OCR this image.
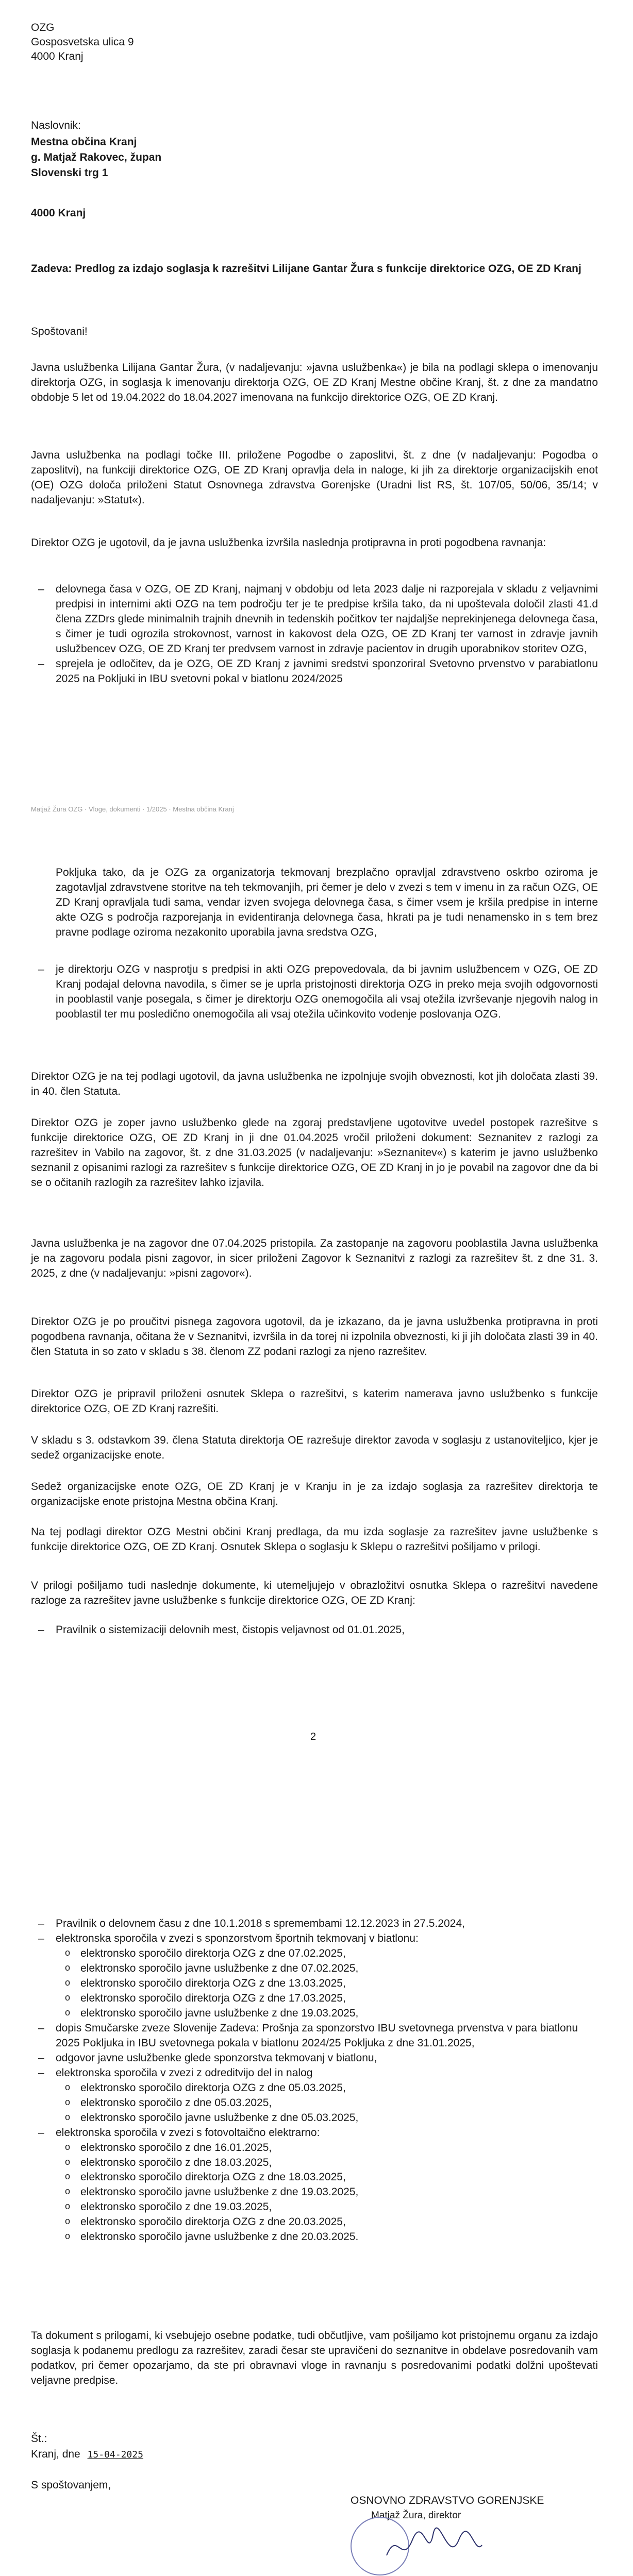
OZG

Gosposvetska ulica 9

4000 Kranj

Naslovnik:

Mestna občina Kranj

g. Matjaž Rakovec, župan

Slovenski trg 1

4000 Kranj

Zadeva: Predlog za izdajo soglasja k razrešitvi Lilijane Gantar Žura s funkcije direktorice OZG, OE ZD Kranj

Spoštovani!

Javna uslužbenka Lilijana Gantar Žura, (v nadaljevanju: »javna uslužbenka«) je bila na podlagi sklepa o imenovanju direktorja OZG, in soglasja k imenovanju direktorja OZG, OE ZD Kranj Mestne občine Kranj, št. z dne za mandatno obdobje 5 let od 19.04.2022 do 18.04.2027 imenovana na funkcijo direktorice OZG, OE ZD Kranj.

Javna uslužbenka na podlagi točke III. priložene Pogodbe o zaposlitvi, št. z dne (v nadaljevanju: Pogodba o zaposlitvi), na funkciji direktorice OZG, OE ZD Kranj opravlja dela in naloge, ki jih za direktorje organizacijskih enot (OE) OZG določa priloženi Statut Osnovnega zdravstva Gorenjske (Uradni list RS, št. 107/05, 50/06, 35/14; v nadaljevanju: »Statut«).

Direktor OZG je ugotovil, da je javna uslužbenka izvršila naslednja protipravna in proti pogodbena ravnanja:

– delovnega časa v OZG, OE ZD Kranj, najmanj v obdobju od leta 2023 dalje ni razporejala v skladu z veljavnimi predpisi in internimi akti OZG na tem področju ter je te predpise kršila tako, da ni upoštevala določil zlasti 41.d člena ZZDrs glede minimalnih trajnih dnevnih in tedenskih počitkov ter najdaljše neprekinjenega delovnega časa, s čimer je tudi ogrozila strokovnost, varnost in kakovost dela OZG, OE ZD Kranj ter varnost in zdravje javnih uslužbencev OZG, OE ZD Kranj ter predvsem varnost in zdravje pacientov in drugih uporabnikov storitev OZG,
– sprejela je odločitev, da je OZG, OE ZD Kranj z javnimi sredstvi sponzoriral Svetovno prvenstvo v parabiatlonu 2025 na Pokljuki in IBU svetovni pokal v biatlonu 2024/2025

Matjaž Žura OZG · Vloge, dokumenti · 1/2025 · Mestna občina Kranj

Pokljuka tako, da je OZG za organizatorja tekmovanj brezplačno opravljal zdravstveno oskrbo oziroma je zagotavljal zdravstvene storitve na teh tekmovanjih, pri čemer je delo v zvezi s tem v imenu in za račun OZG, OE ZD Kranj opravljala tudi sama, vendar izven svojega delovnega časa, s čimer vsem je kršila predpise in interne akte OZG s področja razporejanja in evidentiranja delovnega časa, hkrati pa je tudi nenamensko in s tem brez pravne podlage oziroma nezakonito uporabila javna sredstva OZG,

– je direktorju OZG v nasprotju s predpisi in akti OZG prepovedovala, da bi javnim uslužbencem v OZG, OE ZD Kranj podajal delovna navodila, s čimer se je uprla pristojnosti direktorja OZG in preko meja svojih odgovornosti in pooblastil vanje posegala, s čimer je direktorju OZG onemogočila ali vsaj otežila izvrševanje njegovih nalog in pooblastil ter mu posledično onemogočila ali vsaj otežila učinkovito vodenje poslovanja OZG.

Direktor OZG je na tej podlagi ugotovil, da javna uslužbenka ne izpolnjuje svojih obveznosti, kot jih določata zlasti 39. in 40. člen Statuta.

Direktor OZG je zoper javno uslužbenko glede na zgoraj predstavljene ugotovitve uvedel postopek razrešitve s funkcije direktorice OZG, OE ZD Kranj in ji dne 01.04.2025 vročil priloženi dokument: Seznanitev z razlogi za razrešitev in Vabilo na zagovor, št. z dne 31.03.2025 (v nadaljevanju: »Seznanitev«) s katerim je javno uslužbenko seznanil z opisanimi razlogi za razrešitev s funkcije direktorice OZG, OE ZD Kranj in jo je povabil na zagovor dne da bi se o očitanih razlogih za razrešitev lahko izjavila.

Javna uslužbenka je na zagovor dne 07.04.2025 pristopila. Za zastopanje na zagovoru pooblastila Javna uslužbenka je na zagovoru podala pisni zagovor, in sicer priloženi Zagovor k Seznanitvi z razlogi za razrešitev št. z dne 31. 3. 2025, z dne (v nadaljevanju: »pisni zagovor«).

Direktor OZG je po proučitvi pisnega zagovora ugotovil, da je izkazano, da je javna uslužbenka protipravna in proti pogodbena ravnanja, očitana že v Seznanitvi, izvršila in da torej ni izpolnila obveznosti, ki ji jih določata zlasti 39 in 40. člen Statuta in so zato v skladu s 38. členom ZZ podani razlogi za njeno razrešitev.

Direktor OZG je pripravil priloženi osnutek Sklepa o razrešitvi, s katerim namerava javno uslužbenko s funkcije direktorice OZG, OE ZD Kranj razrešiti.

V skladu s 3. odstavkom 39. člena Statuta direktorja OE razrešuje direktor zavoda v soglasju z ustanoviteljico, kjer je sedež organizacijske enote.

Sedež organizacijske enote OZG, OE ZD Kranj je v Kranju in je za izdajo soglasja za razrešitev direktorja te organizacijske enote pristojna Mestna občina Kranj.

Na tej podlagi direktor OZG Mestni občini Kranj predlaga, da mu izda soglasje za razrešitev javne uslužbenke s funkcije direktorice OZG, OE ZD Kranj. Osnutek Sklepa o soglasju k Sklepu o razrešitvi pošiljamo v prilogi.

V prilogi pošiljamo tudi naslednje dokumente, ki utemeljujejo v obrazložitvi osnutka Sklepa o razrešitvi navedene razloge za razrešitev javne uslužbenke s funkcije direktorice OZG, OE ZD Kranj:

– Pravilnik o sistemizaciji delovnih mest, čistopis veljavnost od 01.01.2025,

2

– Pravilnik o delovnem času z dne 10.1.2018 s spremembami 12.12.2023 in 27.5.2024,
– elektronska sporočila v zvezi s sponzorstvom športnih tekmovanj v biatlonu:
o elektronsko sporočilo direktorja OZG z dne 07.02.2025,
o elektronsko sporočilo javne uslužbenke z dne 07.02.2025,
o elektronsko sporočilo direktorja OZG z dne 13.03.2025,
o elektronsko sporočilo direktorja OZG z dne 17.03.2025,
o elektronsko sporočilo javne uslužbenke z dne 19.03.2025,
– dopis Smučarske zveze Slovenije Zadeva: Prošnja za sponzorstvo IBU svetovnega prvenstva v para biatlonu 2025 Pokljuka in IBU svetovnega pokala v biatlonu 2024/25 Pokljuka z dne 31.01.2025,
– odgovor javne uslužbenke glede sponzorstva tekmovanj v biatlonu,
– elektronska sporočila v zvezi z odreditvijo del in nalog
o elektronsko sporočilo direktorja OZG z dne 05.03.2025,
o elektronsko sporočilo z dne 05.03.2025,
o elektronsko sporočilo javne uslužbenke z dne 05.03.2025,
– elektronska sporočila v zvezi s fotovoltaično elektrarno:
o elektronsko sporočilo z dne 16.01.2025,
o elektronsko sporočilo z dne 18.03.2025,
o elektronsko sporočilo direktorja OZG z dne 18.03.2025,
o elektronsko sporočilo javne uslužbenke z dne 19.03.2025,
o elektronsko sporočilo z dne 19.03.2025,
o elektronsko sporočilo direktorja OZG z dne 20.03.2025,
o elektronsko sporočilo javne uslužbenke z dne 20.03.2025.

Ta dokument s prilogami, ki vsebujejo osebne podatke, tudi občutljive, vam pošiljamo kot pristojnemu organu za izdajo soglasja k podanemu predlogu za razrešitev, zaradi česar ste upravičeni do seznanitve in obdelave posredovanih vam podatkov, pri čemer opozarjamo, da ste pri obravnavi vloge in ravnanju s posredovanimi podatki dolžni upoštevati veljavne predpise.

Št.:

Kranj, dne 15-04-2025

S spoštovanjem,

OSNOVNO ZDRAVSTVO GORENJSKE

Matjaž Žura, direktor
